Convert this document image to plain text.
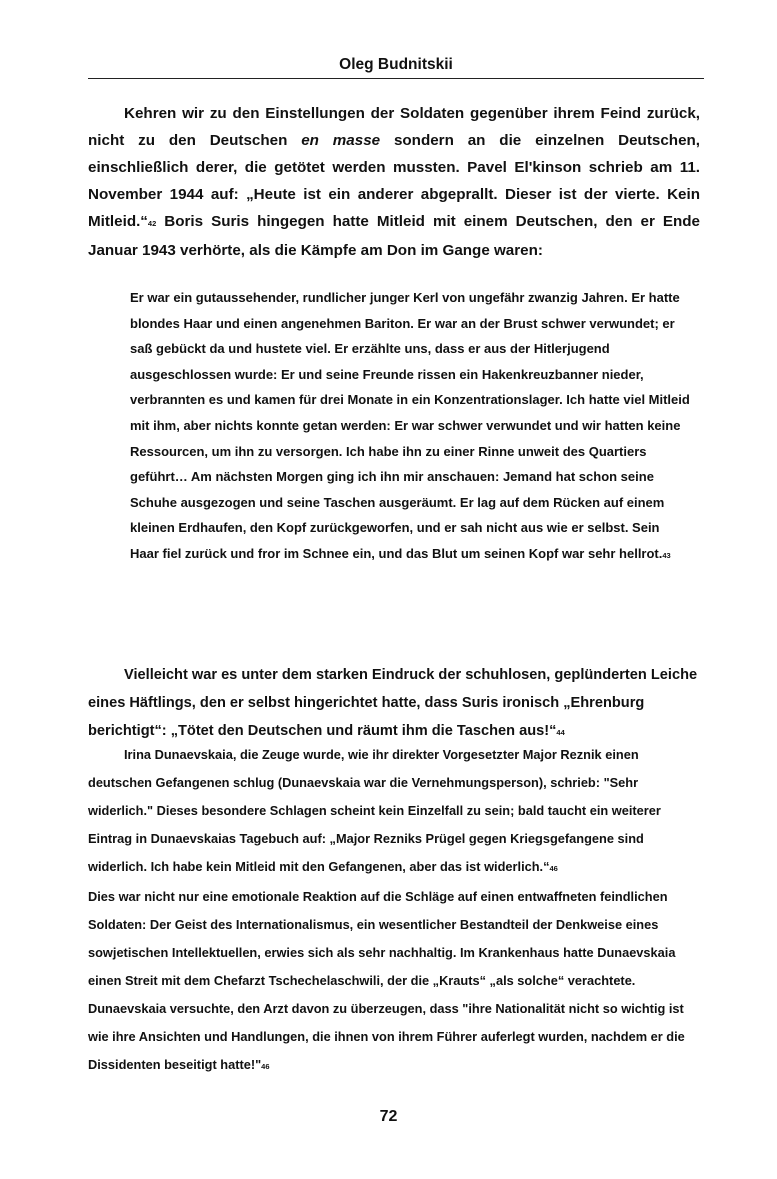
Oleg Budnitskii

Kehren wir zu den Einstellungen der Soldaten gegenüber ihrem Feind zurück, nicht zu den Deutschen en masse sondern an die einzelnen Deutschen, einschließlich derer, die getötet werden mussten. Pavel El'kinson schrieb am 11. November 1944 auf: „Heute ist ein anderer abgeprallt. Dieser ist der vierte. Kein Mitleid.“42 Boris Suris hingegen hatte Mitleid mit einem Deutschen, den er Ende Januar 1943 verhörte, als die Kämpfe am Don im Gange waren:

Er war ein gutaussehender, rundlicher junger Kerl von ungefähr zwanzig Jahren. Er hatte blondes Haar und einen angenehmen Bariton. Er war an der Brust schwer verwundet; er saß gebückt da und hustete viel. Er erzählte uns, dass er aus der Hitlerjugend ausgeschlossen wurde: Er und seine Freunde rissen ein Hakenkreuzbanner nieder, verbrannten es und kamen für drei Monate in ein Konzentrationslager. Ich hatte viel Mitleid mit ihm, aber nichts konnte getan werden: Er war schwer verwundet und wir hatten keine Ressourcen, um ihn zu versorgen. Ich habe ihn zu einer Rinne unweit des Quartiers geführt… Am nächsten Morgen ging ich ihn mir anschauen: Jemand hat schon seine Schuhe ausgezogen und seine Taschen ausgeräumt. Er lag auf dem Rücken auf einem kleinen Erdhaufen, den Kopf zurückgeworfen, und er sah nicht aus wie er selbst. Sein Haar fiel zurück und fror im Schnee ein, und das Blut um seinen Kopf war sehr hellrot.43

Vielleicht war es unter dem starken Eindruck der schuhlosen, geplünderten Leiche eines Häftlings, den er selbst hingerichtet hatte, dass Suris ironisch „Ehrenburg berichtigt“: „Tötet den Deutschen und räumt ihm die Taschen aus!“44

Irina Dunaevskaia, die Zeuge wurde, wie ihr direkter Vorgesetzter Major Reznik einen deutschen Gefangenen schlug (Dunaevskaia war die Vernehmungsperson), schrieb: "Sehr widerlich." Dieses besondere Schlagen scheint kein Einzelfall zu sein; bald taucht ein weiterer Eintrag in Dunaevskaias Tagebuch auf: „Major Rezniks Prügel gegen Kriegsgefangene sind widerlich. Ich habe kein Mitleid mit den Gefangenen, aber das ist widerlich.“46

Dies war nicht nur eine emotionale Reaktion auf die Schläge auf einen entwaffneten feindlichen Soldaten: Der Geist des Internationalismus, ein wesentlicher Bestandteil der Denkweise eines sowjetischen Intellektuellen, erwies sich als sehr nachhaltig. Im Krankenhaus hatte Dunaevskaia einen Streit mit dem Chefarzt Tschechelaschwili, der die „Krauts“ „als solche“ verachtete. Dunaevskaia versuchte, den Arzt davon zu überzeugen, dass "ihre Nationalität nicht so wichtig ist wie ihre Ansichten und Handlungen, die ihnen von ihrem Führer auferlegt wurden, nachdem er die Dissidenten beseitigt hatte!"46

72
